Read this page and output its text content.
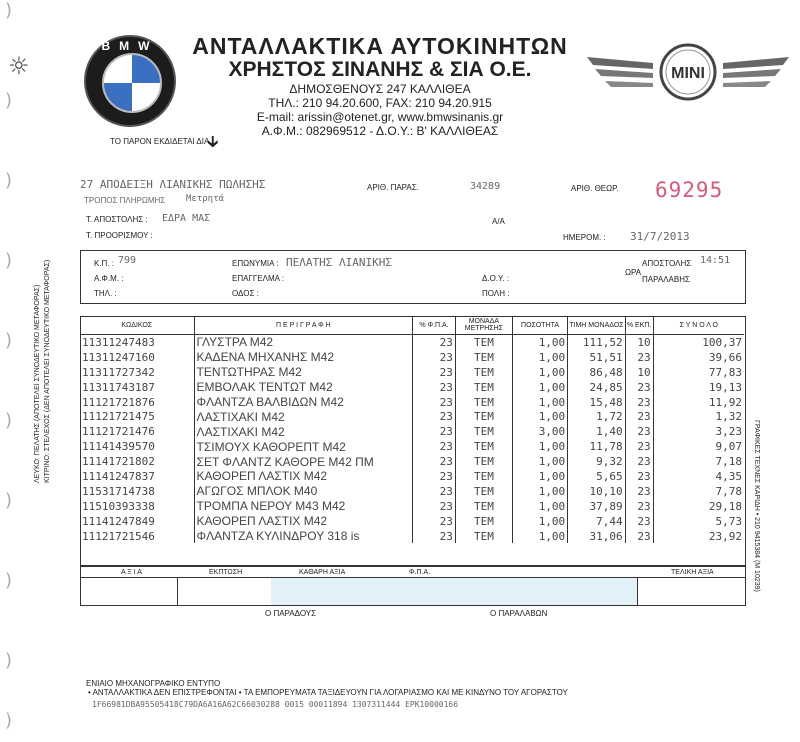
)
)
)
)
)
)
)
)
)
)
☼
BMW	ΑΝΤΑΛΛΑΚΤΙΚΑ ΑΥΤΟΚΙΝΗΤΩΝ
ΧΡΗΣΤΟΣ ΣΙΝΑΝΗΣ & ΣΙΑ Ο.Ε.
ΔΗΜΟΣΘΕΝΟΥΣ 247 ΚΑΛΛΙΘΕΑ
ΤΗΛ.: 210 94.20.600, FAX: 210 94.20.915
E-mail: arissin@otenet.gr, www.bmwsinanis.gr
Α.Φ.Μ.: 082969512 - Δ.Ο.Υ.: Β' ΚΑΛΛΙΘΕΑΣ
MINI
ΤΟ ΠΑΡΟΝ ΕΚΔΙΔΕΤΑΙ ΔΙΑ
🡳
27 ΑΠΟΔΕΙΞΗ ΛΙΑΝΙΚΗΣ ΠΩΛΗΣΗΣ
ΤΡΟΠΟΣ ΠΛΗΡΩΜΗΣ Μετρητά
ΑΡΙΘ. ΠΑΡΑΣ.	34289	ΑΡΙΘ. ΘΕΩΡ. 69295
Τ. ΑΠΟΣΤΟΛΗΣ : ΕΔΡΑ ΜΑΣ	Α/Α
Τ. ΠΡΟΟΡΙΣΜΟΥ :	ΗΜΕΡΟΜ. : 31/7/2013
Κ.Π. : 799	ΕΠΩΝΥΜΙΑ : ΠΕΛΑΤΗΣ ΛΙΑΝΙΚΗΣ
Α.Φ.Μ. :	ΕΠΑΓΓΕΛΜΑ :	Δ.Ο.Υ. :
ΤΗΛ. :	ΟΔΟΣ :	ΠΟΛΗ :
ΑΠΟΣΤΟΛΗΣ
ΩΡΑ
14:51
ΠΑΡΑΛΑΒΗΣ
ΚΩΔΙΚΟΣ	Π Ε Ρ Ι Γ Ρ Α Φ Η	% Φ.Π.Α.	ΜΟΝΑΔΑ ΜΕΤΡΗΣΗΣ	ΠΟΣΟΤΗΤΑ	ΤΙΜΗ ΜΟΝΑΔΟΣ	% ΕΚΠ.	Σ Υ Ν Ο Λ Ο
11311247483	ΓΛΥΣΤΡΑ M42	23	TEM	1,00	111,52	10	100,37
11311247160	ΚΑΔΕΝΑ ΜΗΧΑΝΗΣ M42	23	TEM	1,00	51,51	23	39,66
11311727342	ΤΕΝΤΩΤΗΡΑΣ M42	23	TEM	1,00	86,48	10	77,83
11311743187	ΕΜΒΟΛΑΚ ΤΕΝΤΩΤ M42	23	TEM	1,00	24,85	23	19,13
11121721876	ΦΛΑΝΤΖΑ ΒΑΛΒΙΔΩΝ M42	23	TEM	1,00	15,48	23	11,92
11121721475	ΛΑΣΤΙΧΑΚΙ M42	23	TEM	1,00	1,72	23	1,32
11121721476	ΛΑΣΤΙΧΑΚΙ M42	23	TEM	3,00	1,40	23	3,23
11141439570	ΤΣΙΜΟΥΧ ΚΑΘΟΡΕΠΤ M42	23	TEM	1,00	11,78	23	9,07
11141721802	ΣΕΤ ΦΛΑΝΤΖ ΚΑΘΟΡΕ M42 ΠΜ	23	TEM	1,00	9,32	23	7,18
11141247837	ΚΑΘΟΡΕΠ ΛΑΣΤΙΧ M42	23	TEM	1,00	5,65	23	4,35
11531714738	ΑΓΩΓΟΣ ΜΠΛΟΚ M40	23	TEM	1,00	10,10	23	7,78
11510393338	ΤΡΟΜΠΑ ΝΕΡΟΥ M43 M42	23	TEM	1,00	37,89	23	29,18
11141247849	ΚΑΘΟΡΕΠ ΛΑΣΤΙΧ M42	23	TEM	1,00	7,44	23	5,73
11121721546	ΦΛΑΝΤΖΑ ΚΥΛΙΝΔΡΟΥ 318 is	23	TEM	1,00	31,06	23	23,92
Α Ξ Ι Α	ΕΚΠΤΩΣΗ	ΚΑΘΑΡΗ ΑΞΙΑ	Φ.Π.Α.	ΤΕΛΙΚΗ ΑΞΙΑ
Ο ΠΑΡΑΔΟΥΣ	Ο ΠΑΡΑΛΑΒΩΝ
ΛΕΥΚΟ: ΠΕΛΑΤΗΣ (ΑΠΟΤΕΛΕΙ ΣΥΝΟΔΕΥΤΙΚΟ ΜΕΤΑΦΟΡΑΣ) ΚΙΤΡΙΝΟ: ΣΤΕΛΕΧΟΣ (ΔΕΝ ΑΠΟΤΕΛΕΙ ΣΥΝΟΔΕΥΤΙΚΟ ΜΕΤΑΦΟΡΑΣ)
ΓΡΑΦΙΚΕΣ ΤΕΧΝΕΣ ΚΑΡΙΔΗ • 210 9415384 (Μ 10239)
ΕΝΙΑΙΟ ΜΗΧΑΝΟΓΡΑΦΙΚΟ ΕΝΤΥΠΟ
• ΑΝΤΑΛΛΑΚΤΙΚΑ ΔΕΝ ΕΠΙΣΤΡΕΦΟΝΤΑΙ • ΤΑ ΕΜΠΟΡΕΥΜΑΤΑ ΤΑΞΙΔΕΥΟΥΝ ΓΙΑ ΛΟΓΑΡΙΑΣΜΟ ΚΑΙ ΜΕ ΚΙΝΔΥΝΟ ΤΟΥ ΑΓΟΡΑΣΤΟΥ
1F66981DBA95505418C79DA6A16A62C66030288 0015 00011894 1307311444 EPK10000166
